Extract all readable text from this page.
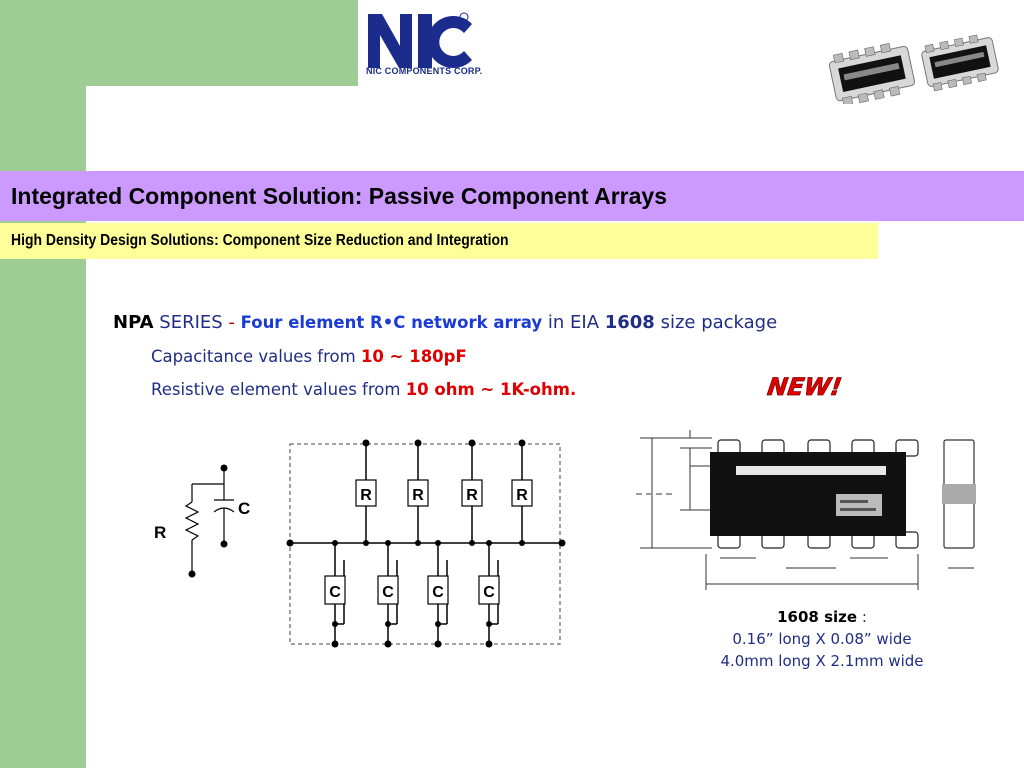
NIC COMPONENTS CORP.
Integrated Component Solution: Passive Component Arrays
High Density Design Solutions: Component Size Reduction and Integration
NPA SERIES - Four element R•C network array in EIA 1608 size package
Capacitance values from 10 ~ 180pF
Resistive element values from 10 ohm ~ 1K-ohm.	NEW!
C
R
R	R	R R
C	C C C
1608 size :
0.16” long X 0.08” wide
4.0mm long X 2.1mm wide
